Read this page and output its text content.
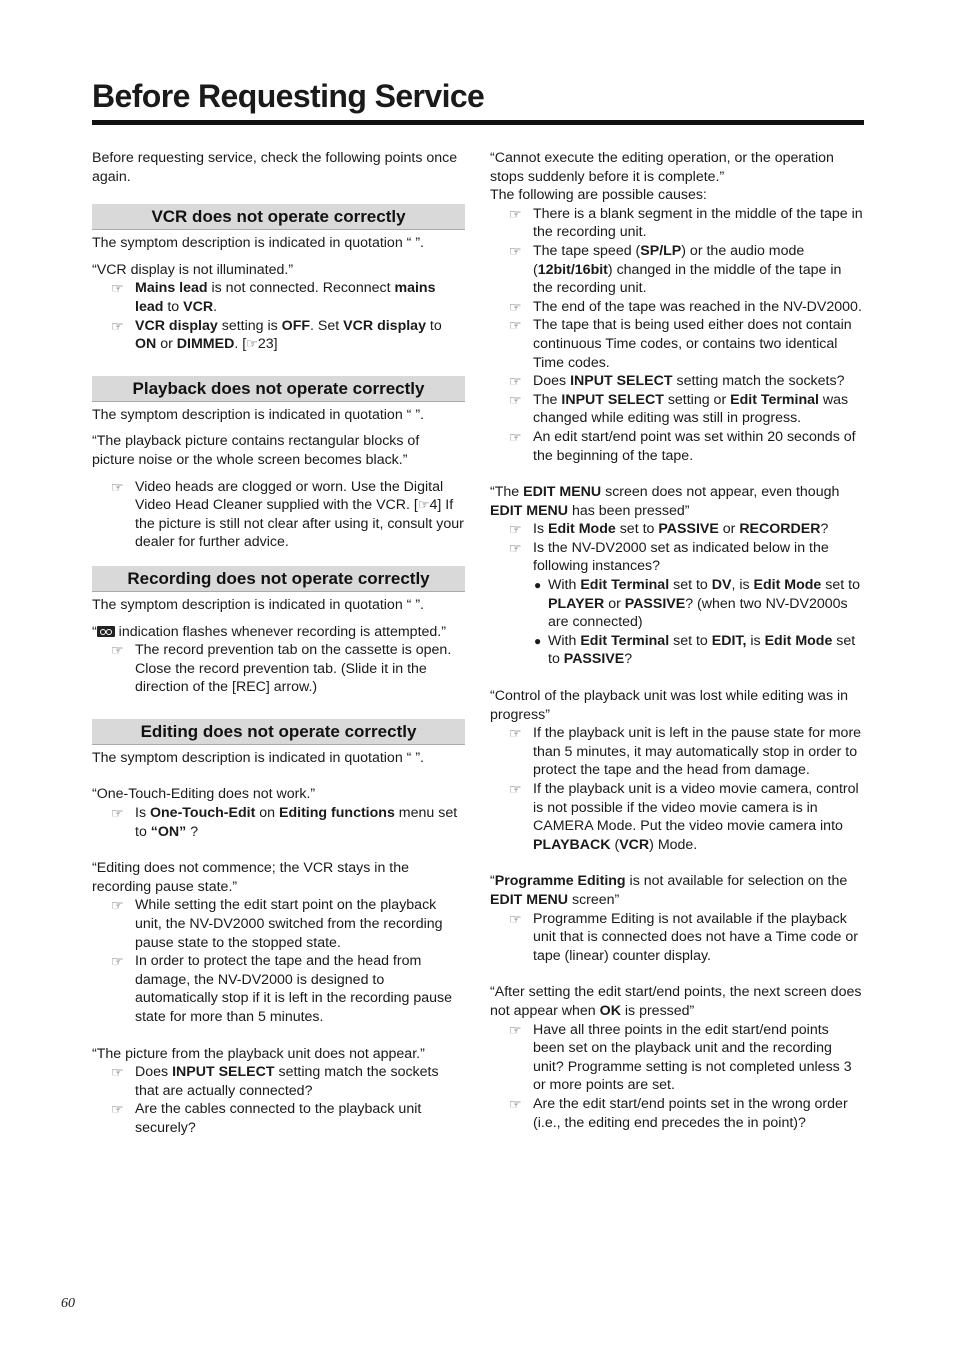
Before Requesting Service

Before requesting service, check the following points once again.

VCR does not operate correctly

The symptom description is indicated in quotation “ ”.

“VCR display is not illuminated.”

☞ Mains lead is not connected. Reconnect mains lead to VCR.
☞ VCR display setting is OFF. Set VCR display to ON or DIMMED. [☞23]
Playback does not operate correctly

The symptom description is indicated in quotation “ ”.

“The playback picture contains rectangular blocks of picture noise or the whole screen becomes black.”

☞ Video heads are clogged or worn. Use the Digital Video Head Cleaner supplied with the VCR. [☞4] If the picture is still not clear after using it, consult your dealer for further advice.
Recording does not operate correctly

The symptom description is indicated in quotation “ ”.

“ indication flashes whenever recording is attempted.”

☞ The record prevention tab on the cassette is open. Close the record prevention tab. (Slide it in the direction of the [REC] arrow.)
Editing does not operate correctly

The symptom description is indicated in quotation “ ”.

“One-Touch-Editing does not work.”

☞ Is One-Touch-Edit on Editing functions menu set to “ON” ?

“Editing does not commence; the VCR stays in the recording pause state.”

☞ While setting the edit start point on the playback unit, the NV-DV2000 switched from the recording pause state to the stopped state.
☞ In order to protect the tape and the head from damage, the NV-DV2000 is designed to automatically stop if it is left in the recording pause state for more than 5 minutes.

“The picture from the playback unit does not appear.”

☞ Does INPUT SELECT setting match the sockets that are actually connected?
☞ Are the cables connected to the playback unit securely?

“Cannot execute the editing operation, or the operation stops suddenly before it is complete.”

The following are possible causes:

☞ There is a blank segment in the middle of the tape in the recording unit.
☞ The tape speed (SP/LP) or the audio mode (12bit/16bit) changed in the middle of the tape in the recording unit.
☞ The end of the tape was reached in the NV-DV2000.
☞ The tape that is being used either does not contain continuous Time codes, or contains two identical Time codes.
☞ Does INPUT SELECT setting match the sockets?
☞ The INPUT SELECT setting or Edit Terminal was changed while editing was still in progress.
☞ An edit start/end point was set within 20 seconds of the beginning of the tape.

“The EDIT MENU screen does not appear, even though EDIT MENU has been pressed”

☞ Is Edit Mode set to PASSIVE or RECORDER?
☞ Is the NV-DV2000 set as indicated below in the following instances?
● With Edit Terminal set to DV, is Edit Mode set to PLAYER or PASSIVE? (when two NV-DV2000s are connected)
● With Edit Terminal set to EDIT, is Edit Mode set to PASSIVE?

“Control of the playback unit was lost while editing was in progress”

☞ If the playback unit is left in the pause state for more than 5 minutes, it may automatically stop in order to protect the tape and the head from damage.
☞ If the playback unit is a video movie camera, control is not possible if the video movie camera is in CAMERA Mode. Put the video movie camera into PLAYBACK (VCR) Mode.

“Programme Editing is not available for selection on the EDIT MENU screen”

☞ Programme Editing is not available if the playback unit that is connected does not have a Time code or tape (linear) counter display.

“After setting the edit start/end points, the next screen does not appear when OK is pressed”

☞ Have all three points in the edit start/end points been set on the playback unit and the recording unit? Programme setting is not completed unless 3 or more points are set.
☞ Are the edit start/end points set in the wrong order (i.e., the editing end precedes the in point)?
60
